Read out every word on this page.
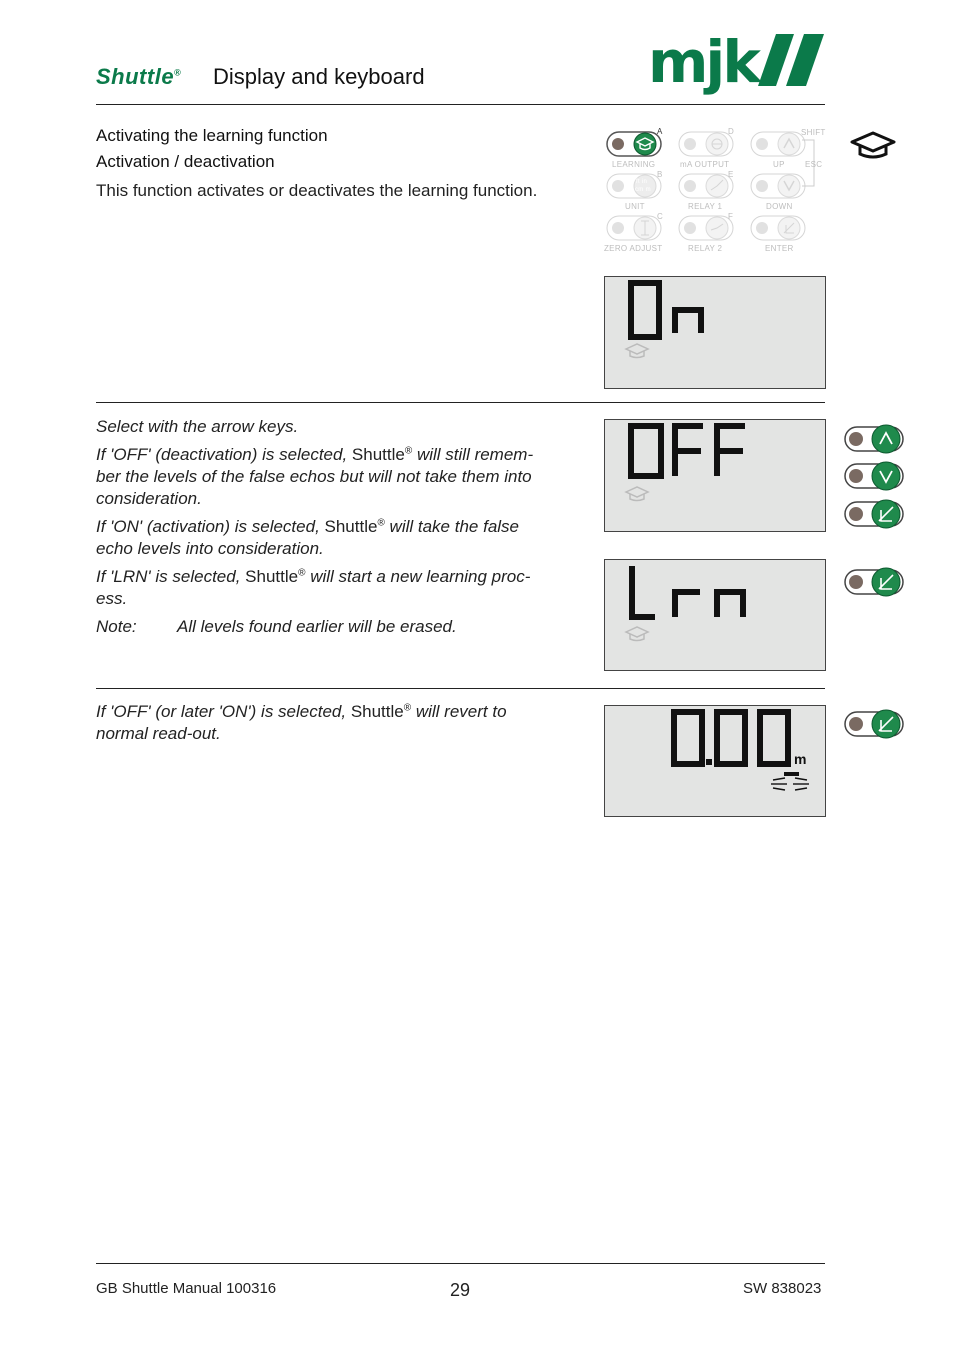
Shuttle® Display and keyboard	mjk
Activating the learning function
Activation / deactivation
This function activates or deactivates the learning function.
A	D	SHIFT
LEARNING	mA OUTPUT	UP	ESC
B	E
ft in
cm m
UNIT	RELAY 1	DOWN
C	F
ZERO ADJUST	RELAY 2	ENTER
Select with the arrow keys.
If 'OFF' (deactivation) is selected, Shuttle® will still remem-
ber the levels of the false echos but will not take them into
consideration.
If 'ON' (activation) is selected, Shuttle® will take the false
echo levels into consideration.
If 'LRN' is selected, Shuttle® will start a new learning proc-
ess.
Note: All levels found earlier will be erased.
If 'OFF' (or later 'ON') is selected, Shuttle® will revert to
normal read-out.
m
GB Shuttle Manual 100316	29	SW 838023
